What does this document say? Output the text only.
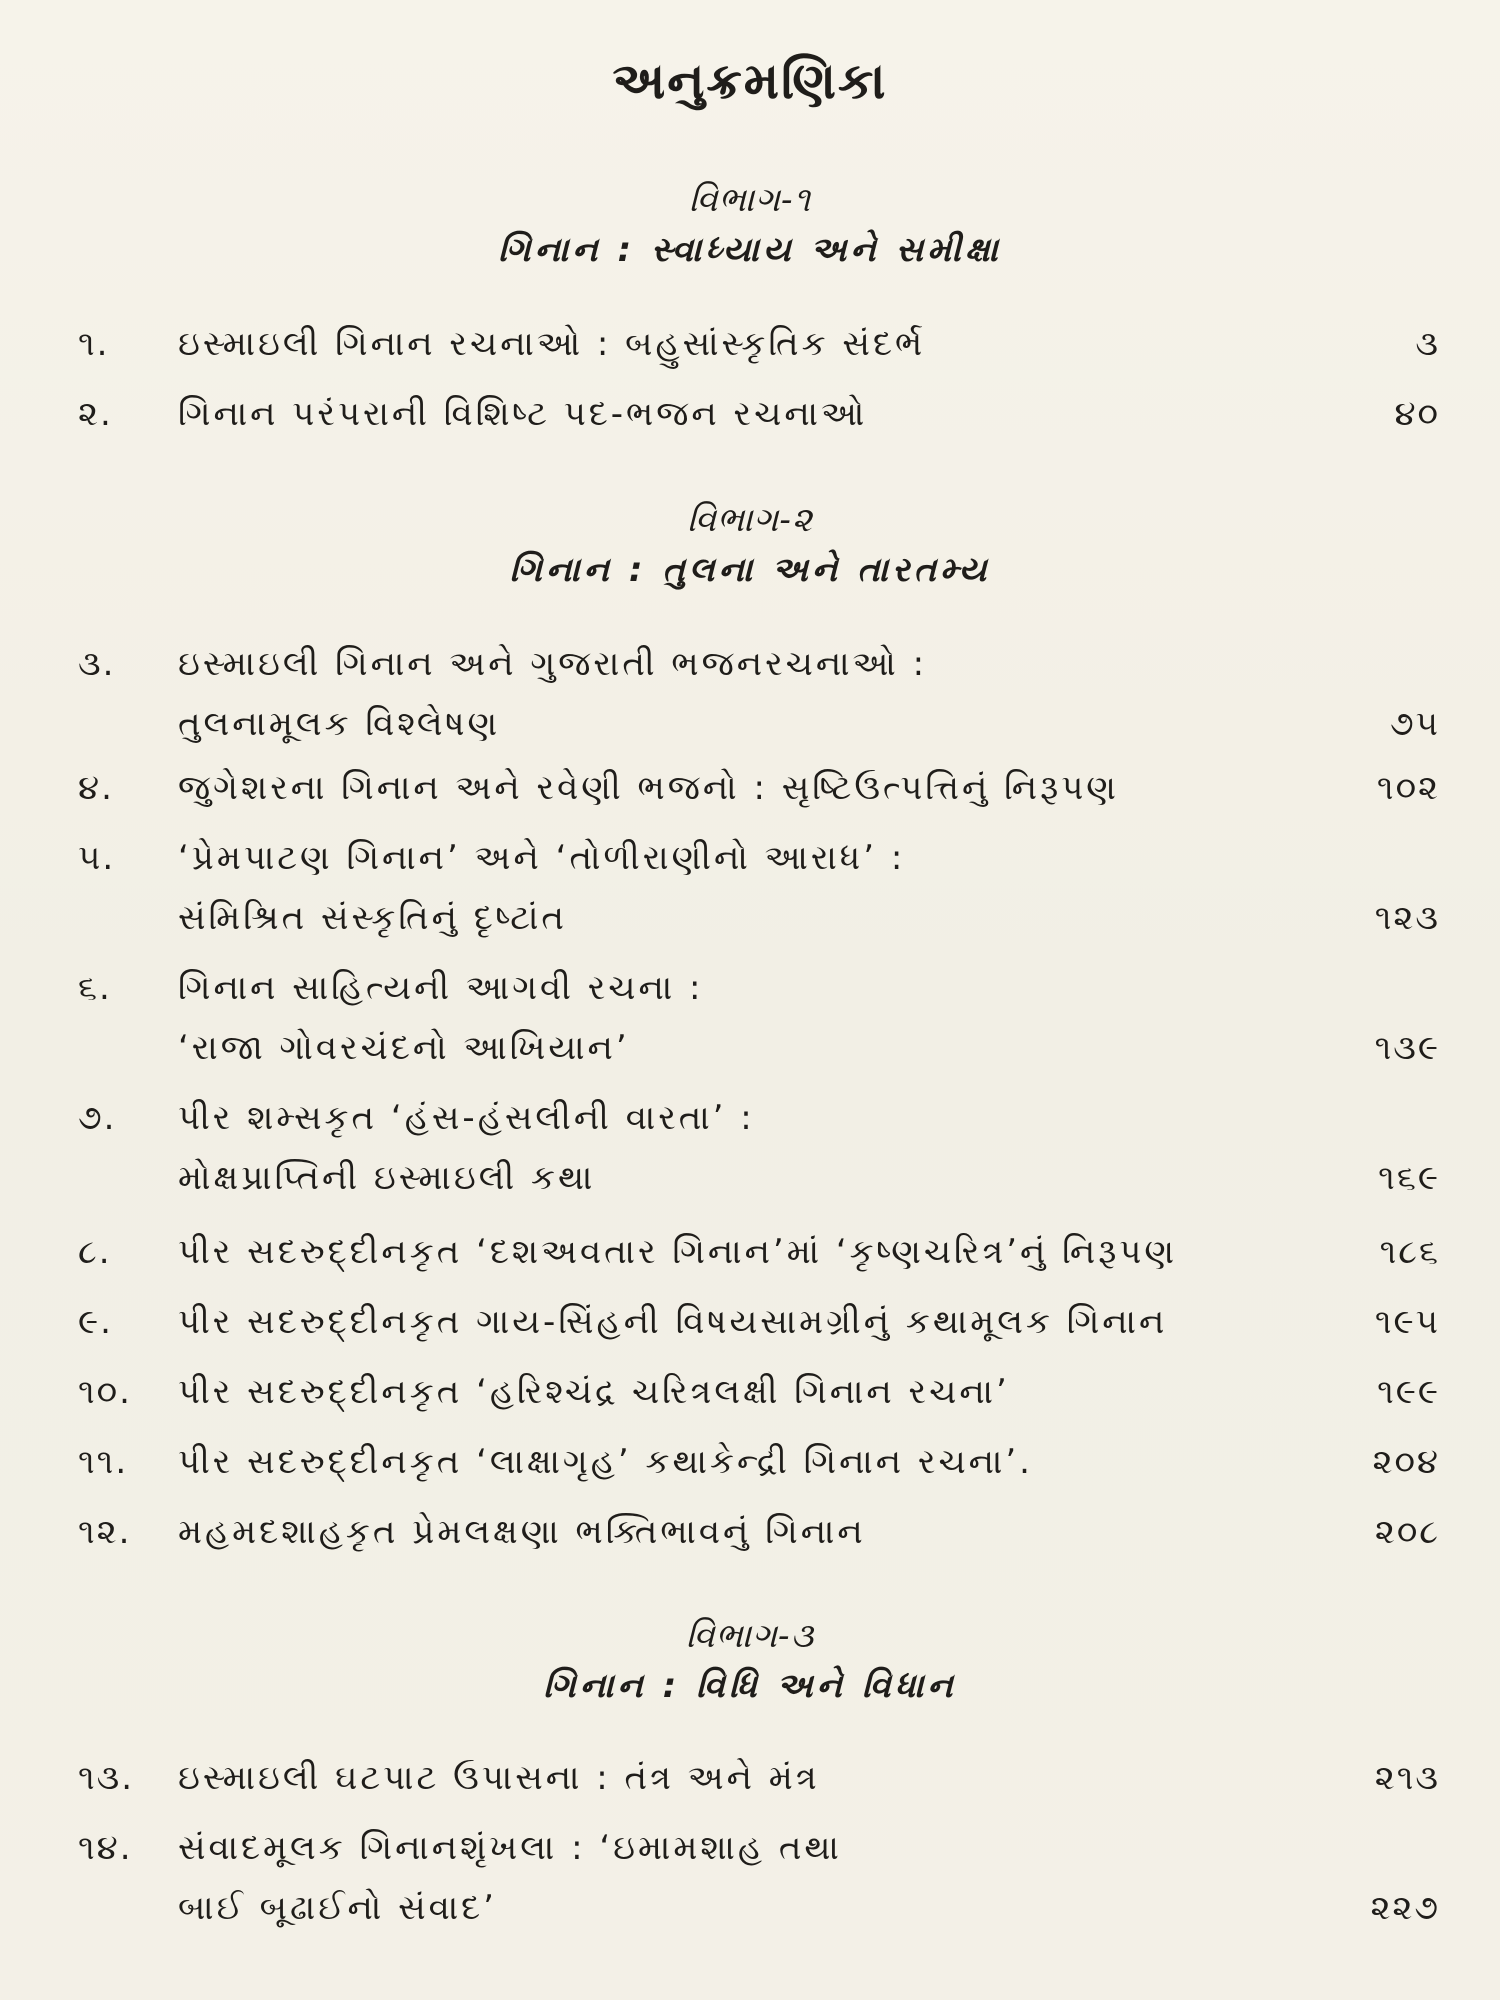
અનુક્રમણિકા
વિભાગ-૧
ગિનાન : સ્વાધ્યાય અને સમીક્ષા
૧.	ઇસ્માઇલી ગિનાન રચનાઓ : બહુસાંસ્કૃતિક સંદર્ભ	૩
૨.	ગિનાન પરંપરાની વિશિષ્ટ પદ-ભજન રચનાઓ	૪૦
વિભાગ-૨
ગિનાન : તુલના અને તારતમ્ય
૩.	ઇસ્માઇલી ગિનાન અને ગુજરાતી ભજનરચનાઓ :
તુલનામૂલક વિશ્લેષણ	૭૫
૪.	જુગેશરના ગિનાન અને રવેણી ભજનો : સૃષ્ટિઉત્પત્તિનું નિરૂપણ	૧૦૨
૫.	‘પ્રેમપાટણ ગિનાન’ અને ‘તોળીરાણીનો આરાધ’ :
સંમિશ્રિત સંસ્કૃતિનું દૃષ્ટાંત	૧૨૩
૬.	ગિનાન સાહિત્યની આગવી રચના :
‘રાજા ગોવરચંદનો આખિયાન’	૧૩૯
૭.	પીર શમ્સકૃત ‘હંસ-હંસલીની વારતા’ :
મોક્ષપ્રાપ્તિની ઇસ્માઇલી કથા	૧૬૯
૮.	પીર સદરુદ્દીનકૃત ‘દશઅવતાર ગિનાન’માં ‘કૃષ્ણચરિત્ર’નું નિરૂપણ	૧૮૬
૯.	પીર સદરુદ્દીનકૃત ગાય-સિંહની વિષયસામગ્રીનું કથામૂલક ગિનાન	૧૯૫
૧૦.	પીર સદરુદ્દીનકૃત ‘હરિશ્ચંદ્ર ચરિત્રલક્ષી ગિનાન રચના’	૧૯૯
૧૧.	પીર સદરુદ્દીનકૃત ‘લાક્ષાગૃહ’ કથાકેન્દ્રી ગિનાન રચના’.	૨૦૪
૧૨.	મહમદશાહકૃત પ્રેમલક્ષણા ભક્તિભાવનું ગિનાન	૨૦૮
વિભાગ-૩
ગિનાન : વિધિ અને વિધાન
૧૩.	ઇસ્માઇલી ઘટપાટ ઉપાસના : તંત્ર અને મંત્ર	૨૧૩
૧૪.	સંવાદમૂલક ગિનાનશૃંખલા : ‘ઇમામશાહ તથા
બાઈ બૂઢાઈનો સંવાદ’	૨૨૭
